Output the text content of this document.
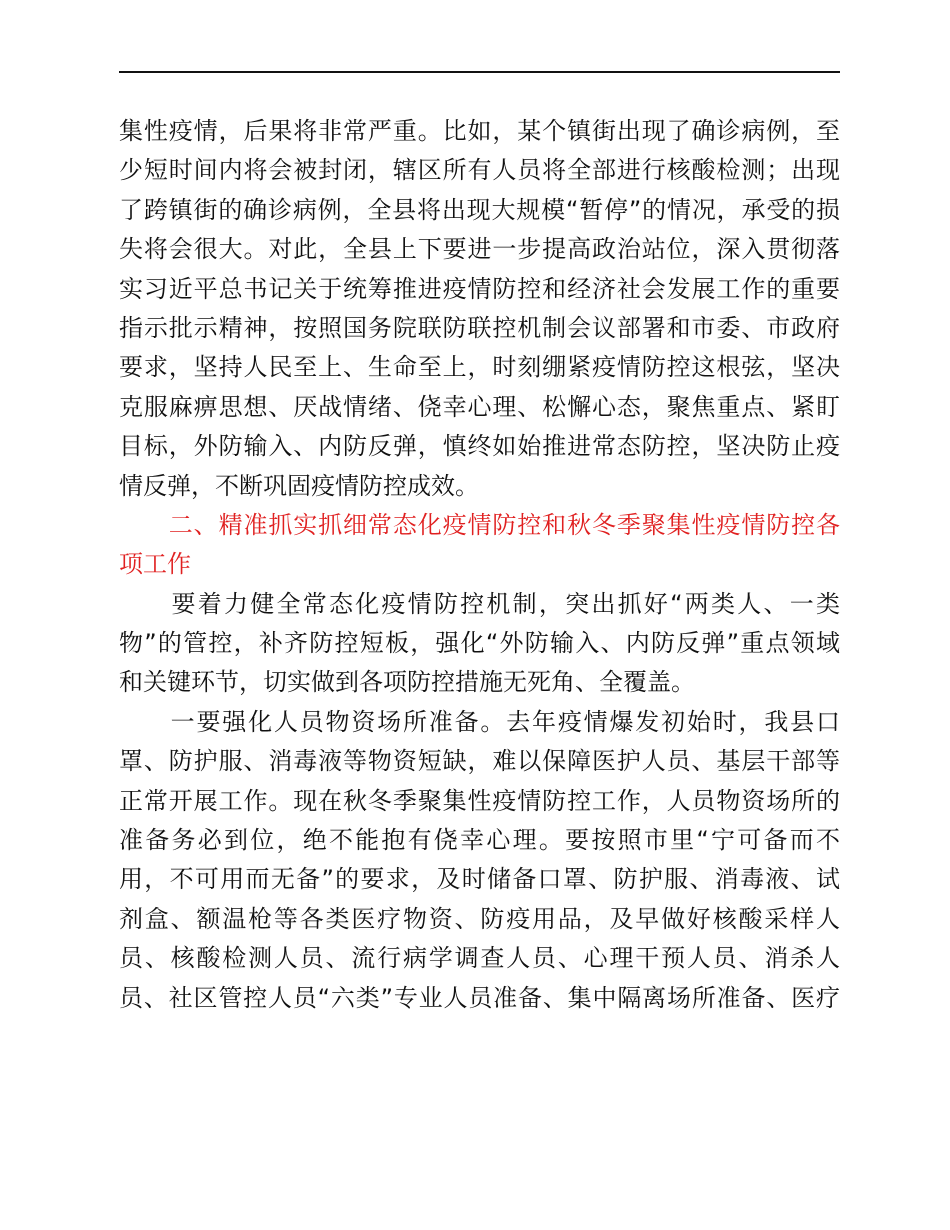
集性疫情，后果将非常严重。比如，某个镇街出现了确诊病例，至
少短时间内将会被封闭，辖区所有人员将全部进行核酸检测；出现
了跨镇街的确诊病例，全县将出现大规模“暂停”的情况，承受的损
失将会很大。对此，全县上下要进一步提高政治站位，深入贯彻落
实习近平总书记关于统筹推进疫情防控和经济社会发展工作的重要
指示批示精神，按照国务院联防联控机制会议部署和市委、市政府
要求，坚持人民至上、生命至上，时刻绷紧疫情防控这根弦，坚决
克服麻痹思想、厌战情绪、侥幸心理、松懈心态，聚焦重点、紧盯
目标，外防输入、内防反弹，慎终如始推进常态防控，坚决防止疫
情反弹，不断巩固疫情防控成效。
　　二、精准抓实抓细常态化疫情防控和秋冬季聚集性疫情防控各
项工作
　　要着力健全常态化疫情防控机制，突出抓好“两类人、一类
物”的管控，补齐防控短板，强化“外防输入、内防反弹”重点领域
和关键环节，切实做到各项防控措施无死角、全覆盖。
　　一要强化人员物资场所准备。去年疫情爆发初始时，我县口
罩、防护服、消毒液等物资短缺，难以保障医护人员、基层干部等
正常开展工作。现在秋冬季聚集性疫情防控工作，人员物资场所的
准备务必到位，绝不能抱有侥幸心理。要按照市里“宁可备而不
用，不可用而无备”的要求，及时储备口罩、防护服、消毒液、试
剂盒、额温枪等各类医疗物资、防疫用品，及早做好核酸采样人
员、核酸检测人员、流行病学调查人员、心理干预人员、消杀人
员、社区管控人员“六类”专业人员准备、集中隔离场所准备、医疗
